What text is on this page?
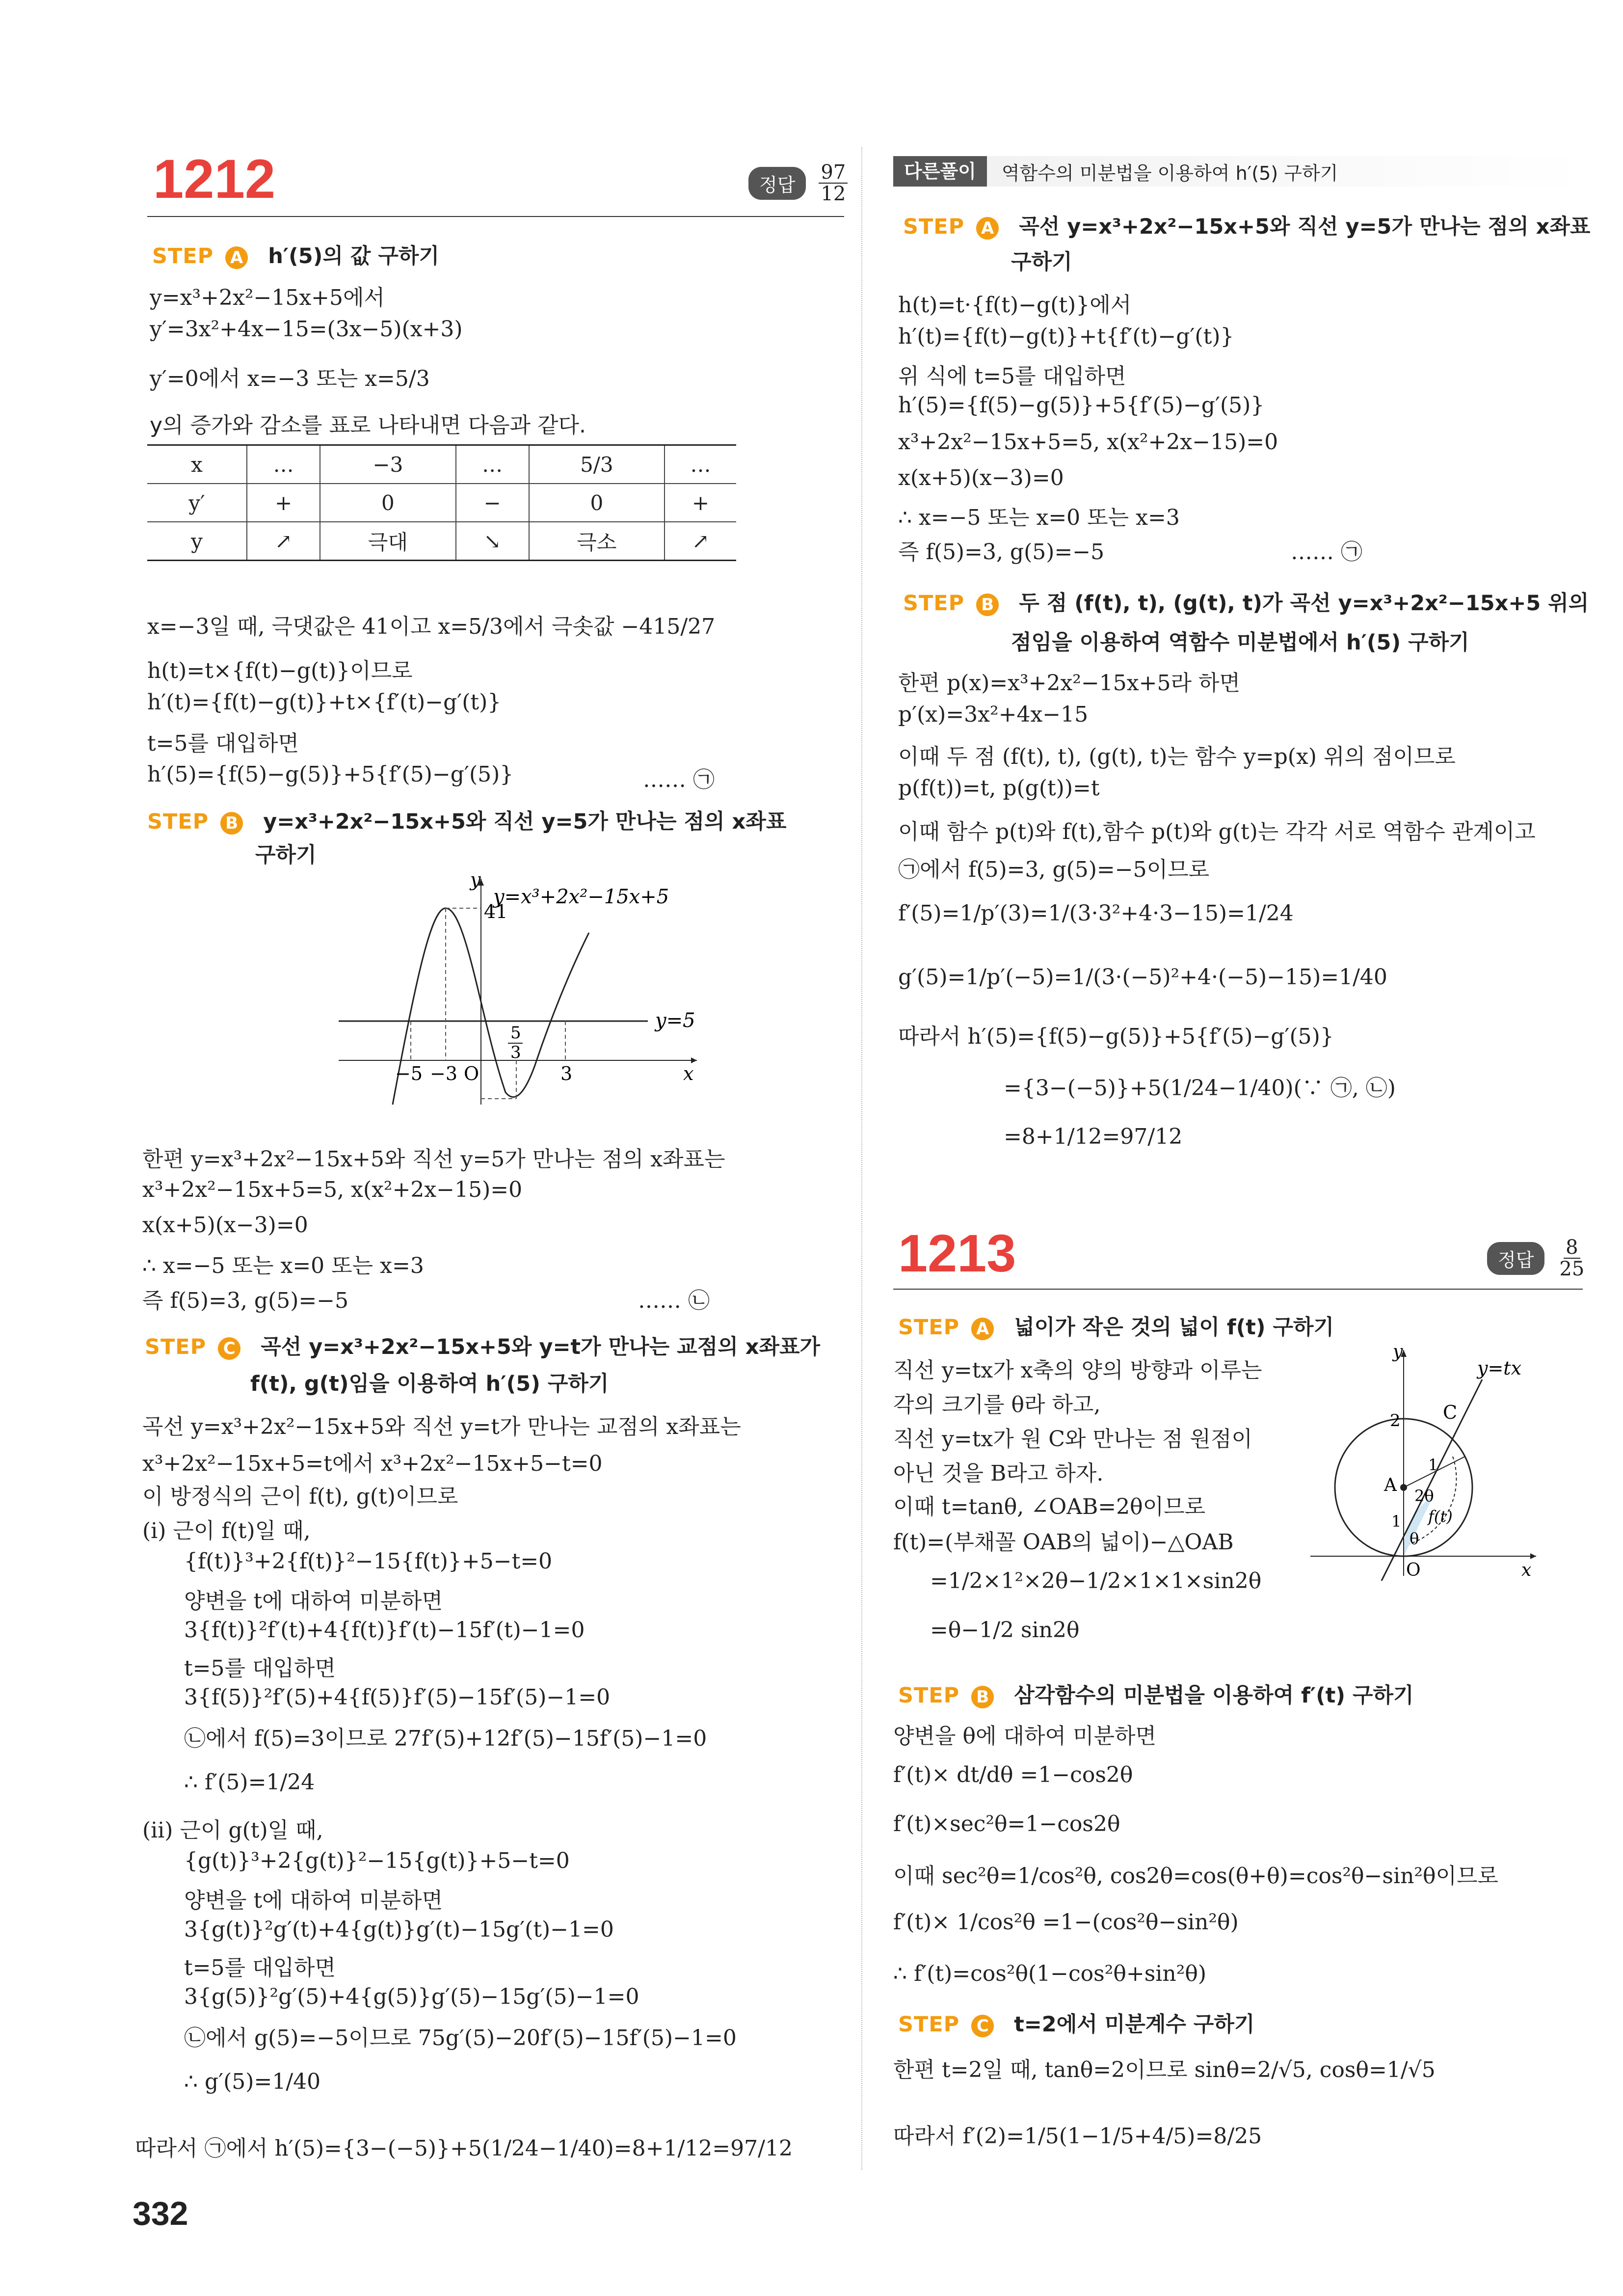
1212	정답	$\frac{97}{12}$
STEP A h′(5)의 값 구하기
y=x³+2x²−15x+5에서
y′=3x²+4x−15=(3x−5)(x+3)
y′=0에서 x=−3 또는 x=5/3
y의 증가와 감소를 표로 나타내면 다음과 같다.
x	…	−3	…	5/3	…
y′	+	0	−	0	+
y	↗	극대	↘	극소	↗
x=−3일 때, 극댓값은 41이고 x=5/3에서 극솟값 −415/27
h(t)=t×{f(t)−g(t)}이므로
h′(t)={f(t)−g(t)}+t×{f′(t)−g′(t)}
t=5를 대입하면
h′(5)={f(5)−g(5)}+5{f′(5)−g′(5)}	…… ㉠
STEP B y=x³+2x²−15x+5와 직선 y=5가 만나는 점의 x좌표
구하기
41
y=x³+2x²−15x+5
y=5
y
x
O
−5 −3	3
5
3
한편 y=x³+2x²−15x+5와 직선 y=5가 만나는 점의 x좌표는
x³+2x²−15x+5=5, x(x²+2x−15)=0
x(x+5)(x−3)=0
∴ x=−5 또는 x=0 또는 x=3
즉 f(5)=3, g(5)=−5	…… ㉡
STEP C 곡선 y=x³+2x²−15x+5와 y=t가 만나는 교점의 x좌표가
f(t), g(t)임을 이용하여 h′(5) 구하기
곡선 y=x³+2x²−15x+5와 직선 y=t가 만나는 교점의 x좌표는
x³+2x²−15x+5=t에서 x³+2x²−15x+5−t=0
이 방정식의 근이 f(t), g(t)이므로
(ⅰ) 근이 f(t)일 때,
{f(t)}³+2{f(t)}²−15{f(t)}+5−t=0
양변을 t에 대하여 미분하면
3{f(t)}²f′(t)+4{f(t)}f′(t)−15f′(t)−1=0
t=5를 대입하면
3{f(5)}²f′(5)+4{f(5)}f′(5)−15f′(5)−1=0
㉡에서 f(5)=3이므로 27f′(5)+12f′(5)−15f′(5)−1=0
∴ f′(5)=1/24
(ⅱ) 근이 g(t)일 때,
{g(t)}³+2{g(t)}²−15{g(t)}+5−t=0
양변을 t에 대하여 미분하면
3{g(t)}²g′(t)+4{g(t)}g′(t)−15g′(t)−1=0
t=5를 대입하면
3{g(5)}²g′(5)+4{g(5)}g′(5)−15g′(5)−1=0
㉡에서 g(5)=−5이므로 75g′(5)−20f′(5)−15f′(5)−1=0
∴ g′(5)=1/40
따라서 ㉠에서 h′(5)={3−(−5)}+5(1/24−1/40)=8+1/12=97/12
다른풀이	역함수의 미분법을 이용하여 h′(5) 구하기
STEP A 곡선 y=x³+2x²−15x+5와 직선 y=5가 만나는 점의 x좌표
구하기
h(t)=t·{f(t)−g(t)}에서
h′(t)={f(t)−g(t)}+t{f′(t)−g′(t)}
위 식에 t=5를 대입하면
h′(5)={f(5)−g(5)}+5{f′(5)−g′(5)}
x³+2x²−15x+5=5, x(x²+2x−15)=0
x(x+5)(x−3)=0
∴ x=−5 또는 x=0 또는 x=3
즉 f(5)=3, g(5)=−5	…… ㉠
STEP B 두 점 (f(t), t), (g(t), t)가 곡선 y=x³+2x²−15x+5 위의
점임을 이용하여 역함수 미분법에서 h′(5) 구하기
한편 p(x)=x³+2x²−15x+5라 하면
p′(x)=3x²+4x−15
이때 두 점 (f(t), t), (g(t), t)는 함수 y=p(x) 위의 점이므로
p(f(t))=t, p(g(t))=t
이때 함수 p(t)와 f(t),함수 p(t)와 g(t)는 각각 서로 역함수 관계이고
㉠에서 f(5)=3, g(5)=−5이므로
f′(5)=1/p′(3)=1/(3·3²+4·3−15)=1/24
g′(5)=1/p′(−5)=1/(3·(−5)²+4·(−5)−15)=1/40
따라서 h′(5)={f(5)−g(5)}+5{f′(5)−g′(5)}
={3−(−5)}+5(1/24−1/40)(∵ ㉠, ㉡)
=8+1/12=97/12
1213	정답	$\frac{8}{25}$
STEP A 넓이가 작은 것의 넓이 f(t) 구하기
직선 y=tx가 x축의 양의 방향과 이루는
각의 크기를 θ라 하고,
직선 y=tx가 원 C와 만나는 점 원점이
아닌 것을 B라고 하자.
이때 t=tanθ, ∠OAB=2θ이므로
f(t)=(부채꼴 OAB의 넓이)−△OAB
=1/2×1²×2θ−1/2×1×1×sin2θ
=θ−1/2 sin2θ
y=tx
C
y
x
O
A
2
1
1
2θ
θ
f(t)
STEP B 삼각함수의 미분법을 이용하여 f′(t) 구하기
양변을 θ에 대하여 미분하면
f′(t)× dt/dθ =1−cos2θ
f′(t)×sec²θ=1−cos2θ
이때 sec²θ=1/cos²θ, cos2θ=cos(θ+θ)=cos²θ−sin²θ이므로
f′(t)× 1/cos²θ =1−(cos²θ−sin²θ)
∴ f′(t)=cos²θ(1−cos²θ+sin²θ)
STEP C t=2에서 미분계수 구하기
한편 t=2일 때, tanθ=2이므로 sinθ=2/√5, cosθ=1/√5
따라서 f′(2)=1/5(1−1/5+4/5)=8/25
332
